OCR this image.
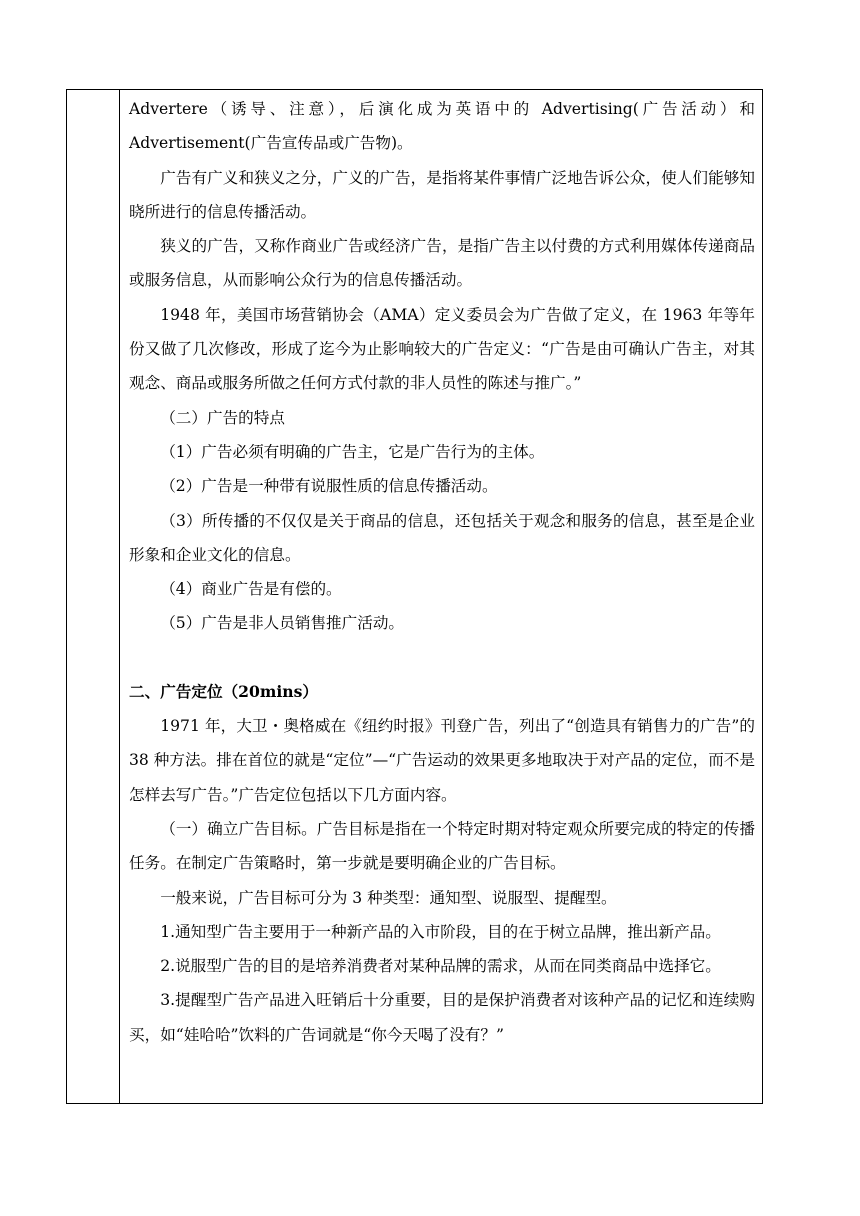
Advertere（诱导、注意），后演化成为英语中的 Advertising(广告活动）和 Advertisement(广告宣传品或广告物)。

广告有广义和狭义之分，广义的广告，是指将某件事情广泛地告诉公众，使人们能够知晓所进行的信息传播活动。

狭义的广告，又称作商业广告或经济广告，是指广告主以付费的方式利用媒体传递商品或服务信息，从而影响公众行为的信息传播活动。

1948 年，美国市场营销协会（AMA）定义委员会为广告做了定义，在 1963 年等年份又做了几次修改，形成了迄今为止影响较大的广告定义：“广告是由可确认广告主，对其观念、商品或服务所做之任何方式付款的非人员性的陈述与推广。”

（二）广告的特点

（1）广告必须有明确的广告主，它是广告行为的主体。

（2）广告是一种带有说服性质的信息传播活动。

（3）所传播的不仅仅是关于商品的信息，还包括关于观念和服务的信息，甚至是企业形象和企业文化的信息。

（4）商业广告是有偿的。

（5）广告是非人员销售推广活动。

二、广告定位（20mins）

1971 年，大卫・奥格威在《纽约时报》刊登广告，列出了“创造具有销售力的广告”的 38 种方法。排在首位的就是“定位”—“广告运动的效果更多地取决于对产品的定位，而不是怎样去写广告。”广告定位包括以下几方面内容。

（一）确立广告目标。广告目标是指在一个特定时期对特定观众所要完成的特定的传播任务。在制定广告策略时，第一步就是要明确企业的广告目标。

一般来说，广告目标可分为 3 种类型：通知型、说服型、提醒型。

1.通知型广告主要用于一种新产品的入市阶段，目的在于树立品牌，推出新产品。

2.说服型广告的目的是培养消费者对某种品牌的需求，从而在同类商品中选择它。

3.提醒型广告产品进入旺销后十分重要，目的是保护消费者对该种产品的记忆和连续购买，如“娃哈哈”饮料的广告词就是“你今天喝了没有？”
